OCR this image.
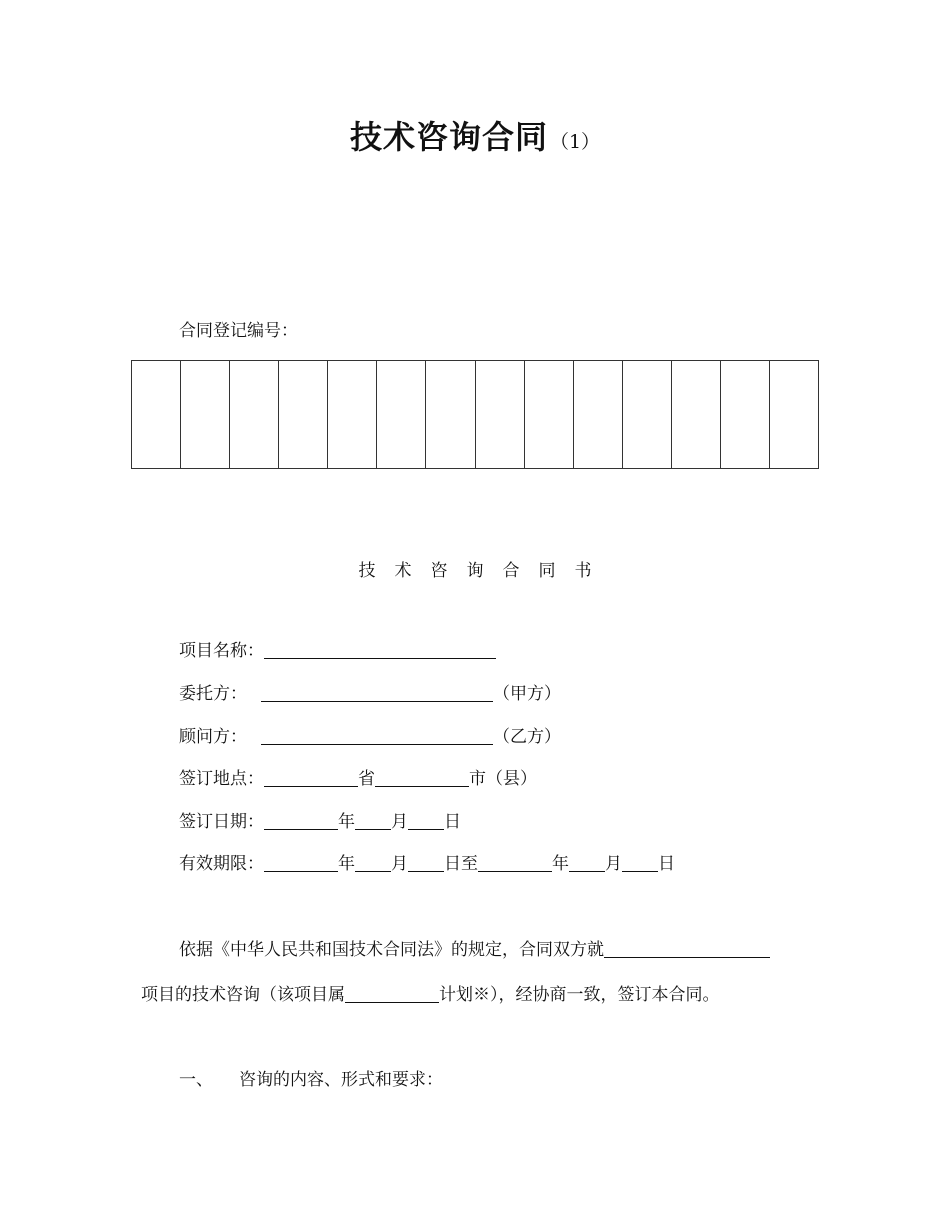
技术咨询合同 （1）
合同登记编号：
技术咨询合同书
项目名称：
委托方：	（甲方）
顾问方：	（乙方）
签订地点：	省	市（县）
签订日期：	年 月 日
有效期限：	年 月 日至	年 月 日
依据《中华人民共和国技术合同法》的规定，合同双方就
项目的技术咨询（该项目属	计划※），经协商一致，签订本合同。
一、 咨询的内容、形式和要求：
